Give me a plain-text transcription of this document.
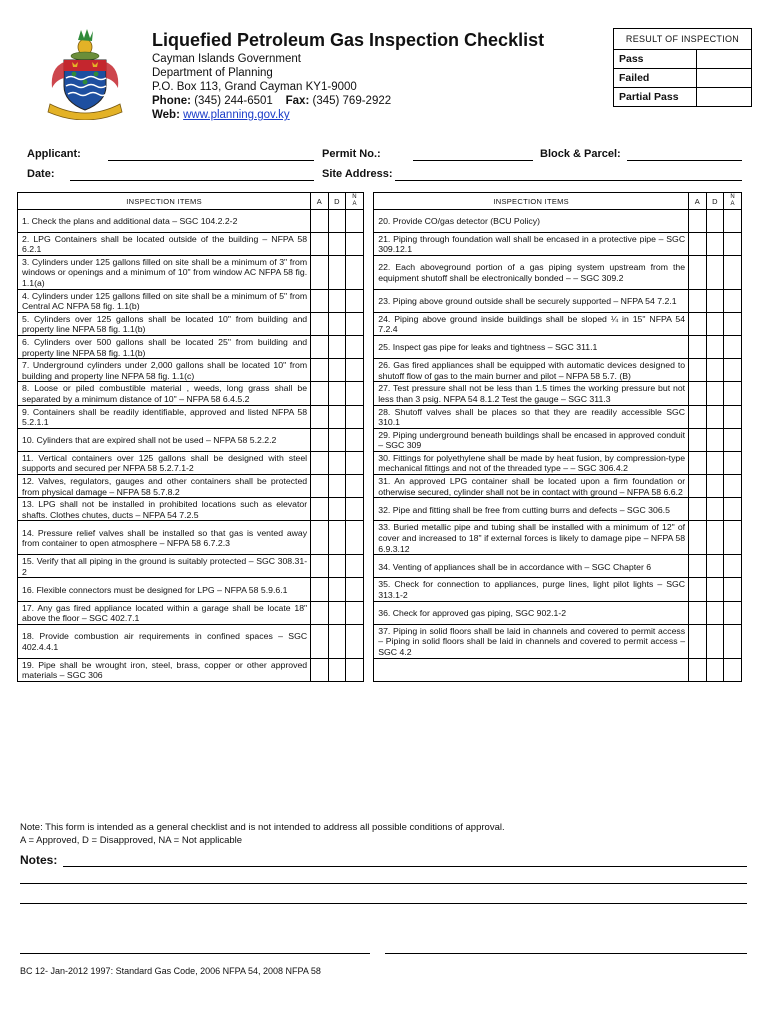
Liquefied Petroleum Gas Inspection Checklist
Cayman Islands Government
Department of Planning
P.O. Box 113, Grand Cayman KY1-9000
Phone: (345) 244-6501 Fax: (345) 769-2922
Web: www.planning.gov.ky
RESULT OF INSPECTION	
Pass	
Failed	
Partial Pass	
Applicant:	Permit No.:	Block & Parcel:
Date:	Site Address:
INSPECTION ITEMS	A	D	N
A		INSPECTION ITEMS	A	D	N
A
1. Check the plans and additional data – SGC 104.2.2-2					20. Provide CO/gas detector (BCU Policy)			
2. LPG Containers shall be located outside of the building – NFPA 58 6.2.1					21. Piping through foundation wall shall be encased in a protective pipe – SGC 309.12.1			
3. Cylinders under 125 gallons filled on site shall be a minimum of 3" from windows or openings and a minimum of 10" from window AC NFPA 58 fig. 1.1(a)					22. Each aboveground portion of a gas piping system upstream from the equipment shutoff shall be electronically bonded – – SGC 309.2			
4. Cylinders under 125 gallons filled on site shall be a minimum of 5" from Central AC NFPA 58 fig. 1.1(b)					23. Piping above ground outside shall be securely supported – NFPA 54 7.2.1			
5. Cylinders over 125 gallons shall be located 10" from building and property line NFPA 58 fig. 1.1(b)					24. Piping above ground inside buildings shall be sloped ¼ in 15" NFPA 54 7.2.4			
6. Cylinders over 500 gallons shall be located 25" from building and property line NFPA 58 fig. 1.1(b)					25. Inspect gas pipe for leaks and tightness – SGC 311.1			
7. Underground cylinders under 2,000 gallons shall be located 10" from building and property line NFPA 58 fig. 1.1(c)					26. Gas fired appliances shall be equipped with automatic devices designed to shutoff flow of gas to the main burner and pilot – NFPA 58 5.7. (B)			
8. Loose or piled combustible material , weeds, long grass shall be separated by a minimum distance of 10" – NFPA 58 6.4.5.2					27. Test pressure shall not be less than 1.5 times the working pressure but not less than 3 psig. NFPA 54 8.1.2 Test the gauge – SGC 311.3			
9. Containers shall be readily identifiable, approved and listed NFPA 58 5.2.1.1					28. Shutoff valves shall be places so that they are readily accessible SGC 310.1			
10. Cylinders that are expired shall not be used – NFPA 58 5.2.2.2					29. Piping underground beneath buildings shall be encased in approved conduit – SGC 309			
11. Vertical containers over 125 gallons shall be designed with steel supports and secured per NFPA 58 5.2.7.1-2					30. Fittings for polyethylene shall be made by heat fusion, by compression-type mechanical fittings and not of the threaded type – – SGC 306.4.2			
12. Valves, regulators, gauges and other containers shall be protected from physical damage – NFPA 58 5.7.8.2					31. An approved LPG container shall be located upon a firm foundation or otherwise secured, cylinder shall not be in contact with ground – NFPA 58 6.6.2			
13. LPG shall not be installed in prohibited locations such as elevator shafts. Clothes chutes, ducts – NFPA 54 7.2.5					32. Pipe and fitting shall be free from cutting burrs and defects – SGC 306.5			
14. Pressure relief valves shall be installed so that gas is vented away from container to open atmosphere – NFPA 58 6.7.2.3					33. Buried metallic pipe and tubing shall be installed with a minimum of 12" of cover and increased to 18" if external forces is likely to damage pipe – NFPA 58 6.9.3.12			
15. Verify that all piping in the ground is suitably protected – SGC 308.31-2					34. Venting of appliances shall be in accordance with – SGC Chapter 6			
16. Flexible connectors must be designed for LPG – NFPA 58 5.9.6.1					35. Check for connection to appliances, purge lines, light pilot lights – SGC 313.1-2			
17. Any gas fired appliance located within a garage shall be locate 18" above the floor – SGC 402.7.1					36. Check for approved gas piping, SGC 902.1-2			
18. Provide combustion air requirements in confined spaces – SGC 402.4.4.1					37. Piping in solid floors shall be laid in channels and covered to permit access – Piping in solid floors shall be laid in channels and covered to permit access – SGC 4.2			
19. Pipe shall be wrought iron, steel, brass, copper or other approved materials – SGC 306								
Note: This form is intended as a general checklist and is not intended to address all possible conditions of approval.
A = Approved, D = Disapproved, NA = Not applicable
Notes:
BC 12- Jan-2012 1997: Standard Gas Code, 2006 NFPA 54, 2008 NFPA 58
